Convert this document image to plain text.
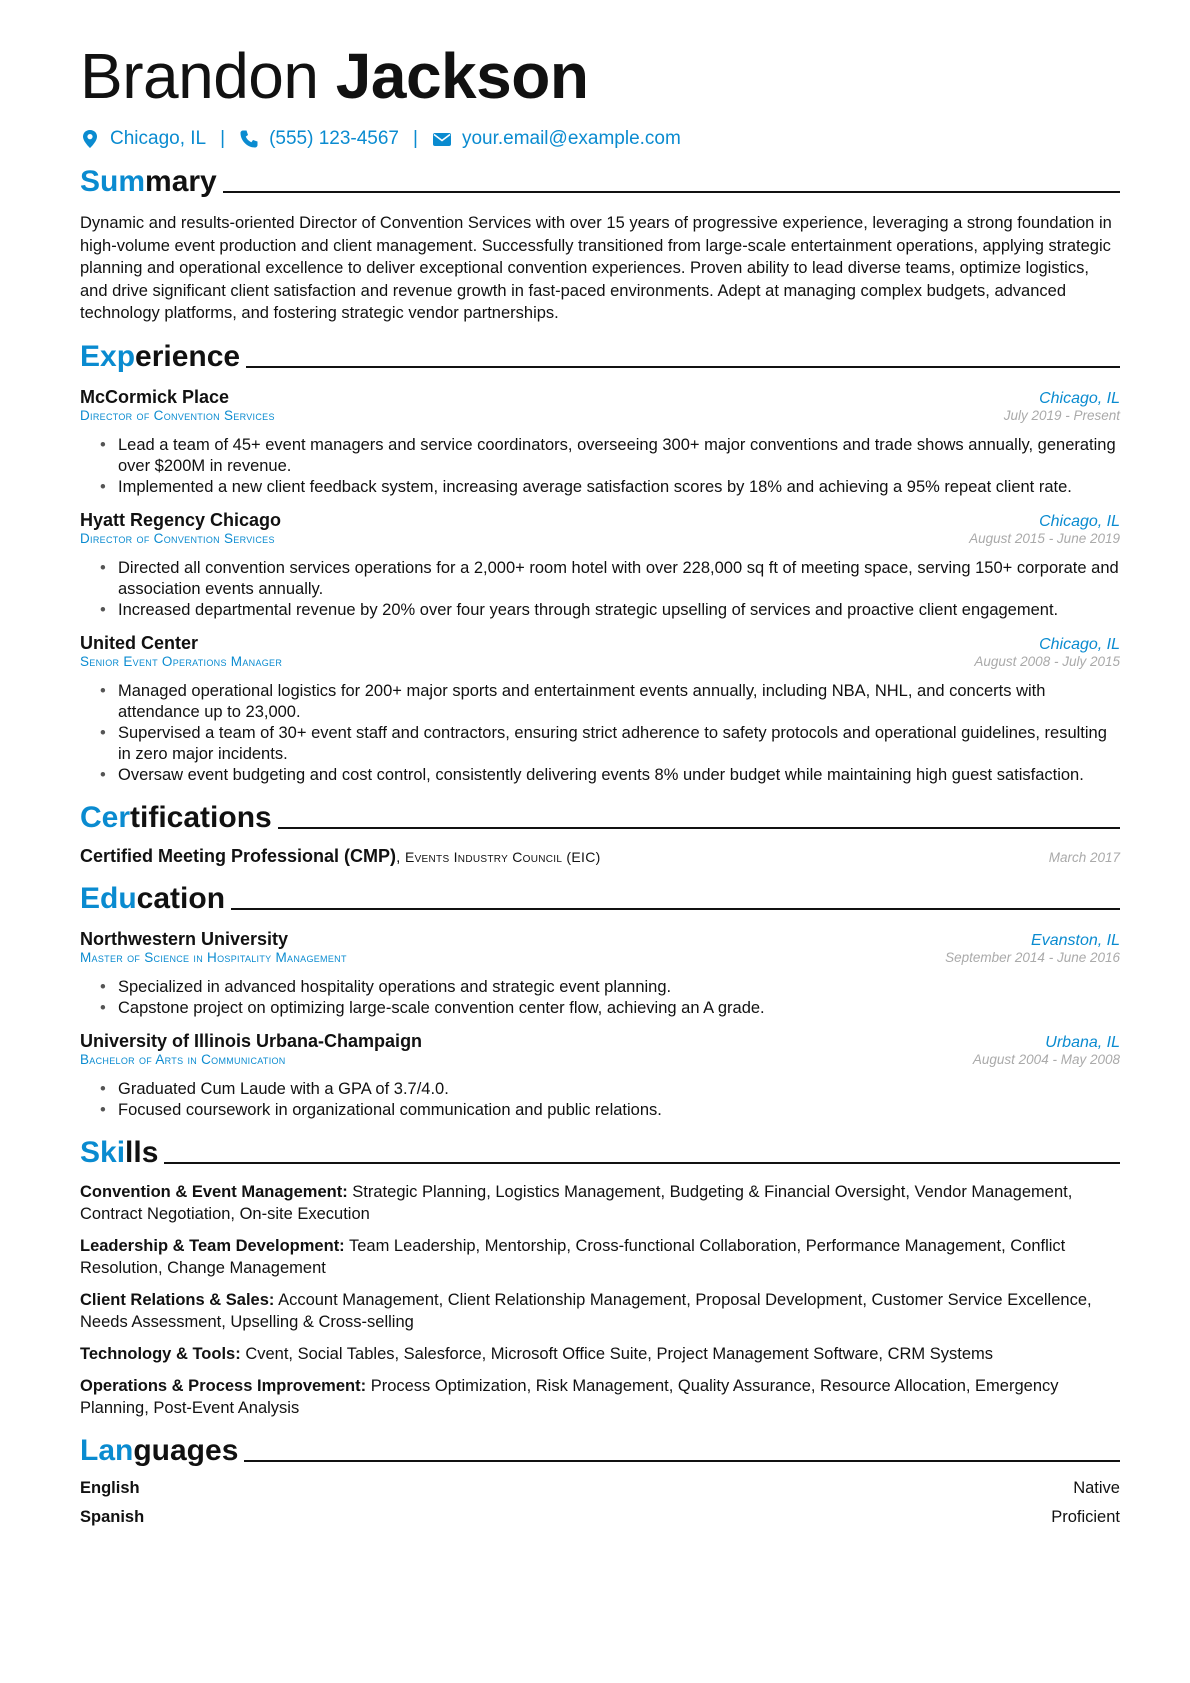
Brandon Jackson
Chicago, IL | (555) 123-4567 | your.email@example.com
Summary

Dynamic and results-oriented Director of Convention Services with over 15 years of progressive experience, leveraging a strong foundation in high-volume event production and client management. Successfully transitioned from large-scale entertainment operations, applying strategic planning and operational excellence to deliver exceptional convention experiences. Proven ability to lead diverse teams, optimize logistics, and drive significant client satisfaction and revenue growth in fast-paced environments. Adept at managing complex budgets, advanced technology platforms, and fostering strategic vendor partnerships.

Experience
McCormick Place	Chicago, IL
Director of Convention Services	July 2019 - Present
• Lead a team of 45+ event managers and service coordinators, overseeing 300+ major conventions and trade shows annually, generating over $200M in revenue.
• Implemented a new client feedback system, increasing average satisfaction scores by 18% and achieving a 95% repeat client rate.
Hyatt Regency Chicago	Chicago, IL
Director of Convention Services	August 2015 - June 2019
• Directed all convention services operations for a 2,000+ room hotel with over 228,000 sq ft of meeting space, serving 150+ corporate and association events annually.
• Increased departmental revenue by 20% over four years through strategic upselling of services and proactive client engagement.
United Center	Chicago, IL
Senior Event Operations Manager	August 2008 - July 2015
• Managed operational logistics for 200+ major sports and entertainment events annually, including NBA, NHL, and concerts with attendance up to 23,000.
• Supervised a team of 30+ event staff and contractors, ensuring strict adherence to safety protocols and operational guidelines, resulting in zero major incidents.
• Oversaw event budgeting and cost control, consistently delivering events 8% under budget while maintaining high guest satisfaction.
Certifications
Certified Meeting Professional (CMP), Events Industry Council (EIC)	March 2017
Education
Northwestern University	Evanston, IL
Master of Science in Hospitality Management	September 2014 - June 2016
• Specialized in advanced hospitality operations and strategic event planning.
• Capstone project on optimizing large-scale convention center flow, achieving an A grade.
University of Illinois Urbana-Champaign	Urbana, IL
Bachelor of Arts in Communication	August 2004 - May 2008
• Graduated Cum Laude with a GPA of 3.7/4.0.
• Focused coursework in organizational communication and public relations.
Skills
Convention & Event Management: Strategic Planning, Logistics Management, Budgeting & Financial Oversight, Vendor Management, Contract Negotiation, On-site Execution
Leadership & Team Development: Team Leadership, Mentorship, Cross-functional Collaboration, Performance Management, Conflict Resolution, Change Management
Client Relations & Sales: Account Management, Client Relationship Management, Proposal Development, Customer Service Excellence, Needs Assessment, Upselling & Cross-selling
Technology & Tools: Cvent, Social Tables, Salesforce, Microsoft Office Suite, Project Management Software, CRM Systems
Operations & Process Improvement: Process Optimization, Risk Management, Quality Assurance, Resource Allocation, Emergency Planning, Post-Event Analysis
Languages
English	Native
Spanish	Proficient
